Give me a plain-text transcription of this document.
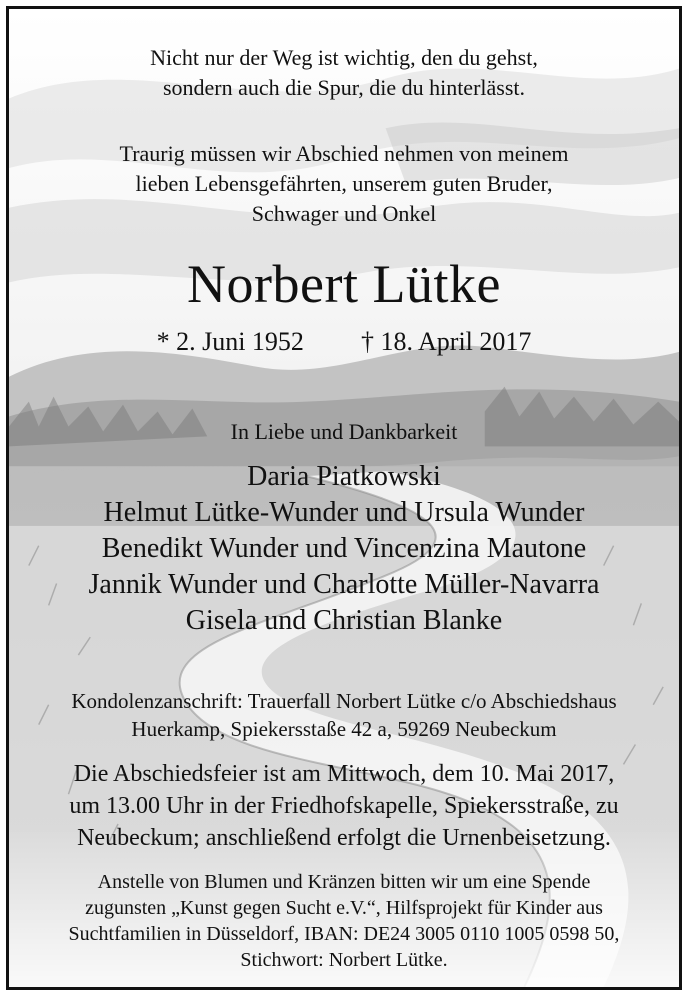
Nicht nur der Weg ist wichtig, den du gehst,
sondern auch die Spur, die du hinterlässt.
Traurig müssen wir Abschied nehmen von meinem
lieben Lebensgefährten, unserem guten Bruder,
Schwager und Onkel
Norbert Lütke
* 2. Juni 1952 † 18. April 2017
In Liebe und Dankbarkeit
Daria Piatkowski
Helmut Lütke-Wunder und Ursula Wunder
Benedikt Wunder und Vincenzina Mautone
Jannik Wunder und Charlotte Müller-Navarra
Gisela und Christian Blanke
Kondolenzanschrift: Trauerfall Norbert Lütke c/o Abschiedshaus
Huerkamp, Spiekersstaße 42 a, 59269 Neubeckum
Die Abschiedsfeier ist am Mittwoch, dem 10. Mai 2017,
um 13.00 Uhr in der Friedhofskapelle, Spiekersstraße, zu
Neubeckum; anschließend erfolgt die Urnenbeisetzung.
Anstelle von Blumen und Kränzen bitten wir um eine Spende
zugunsten „Kunst gegen Sucht e.V.“, Hilfsprojekt für Kinder aus
Suchtfamilien in Düsseldorf, IBAN: DE24 3005 0110 1005 0598 50,
Stichwort: Norbert Lütke.
